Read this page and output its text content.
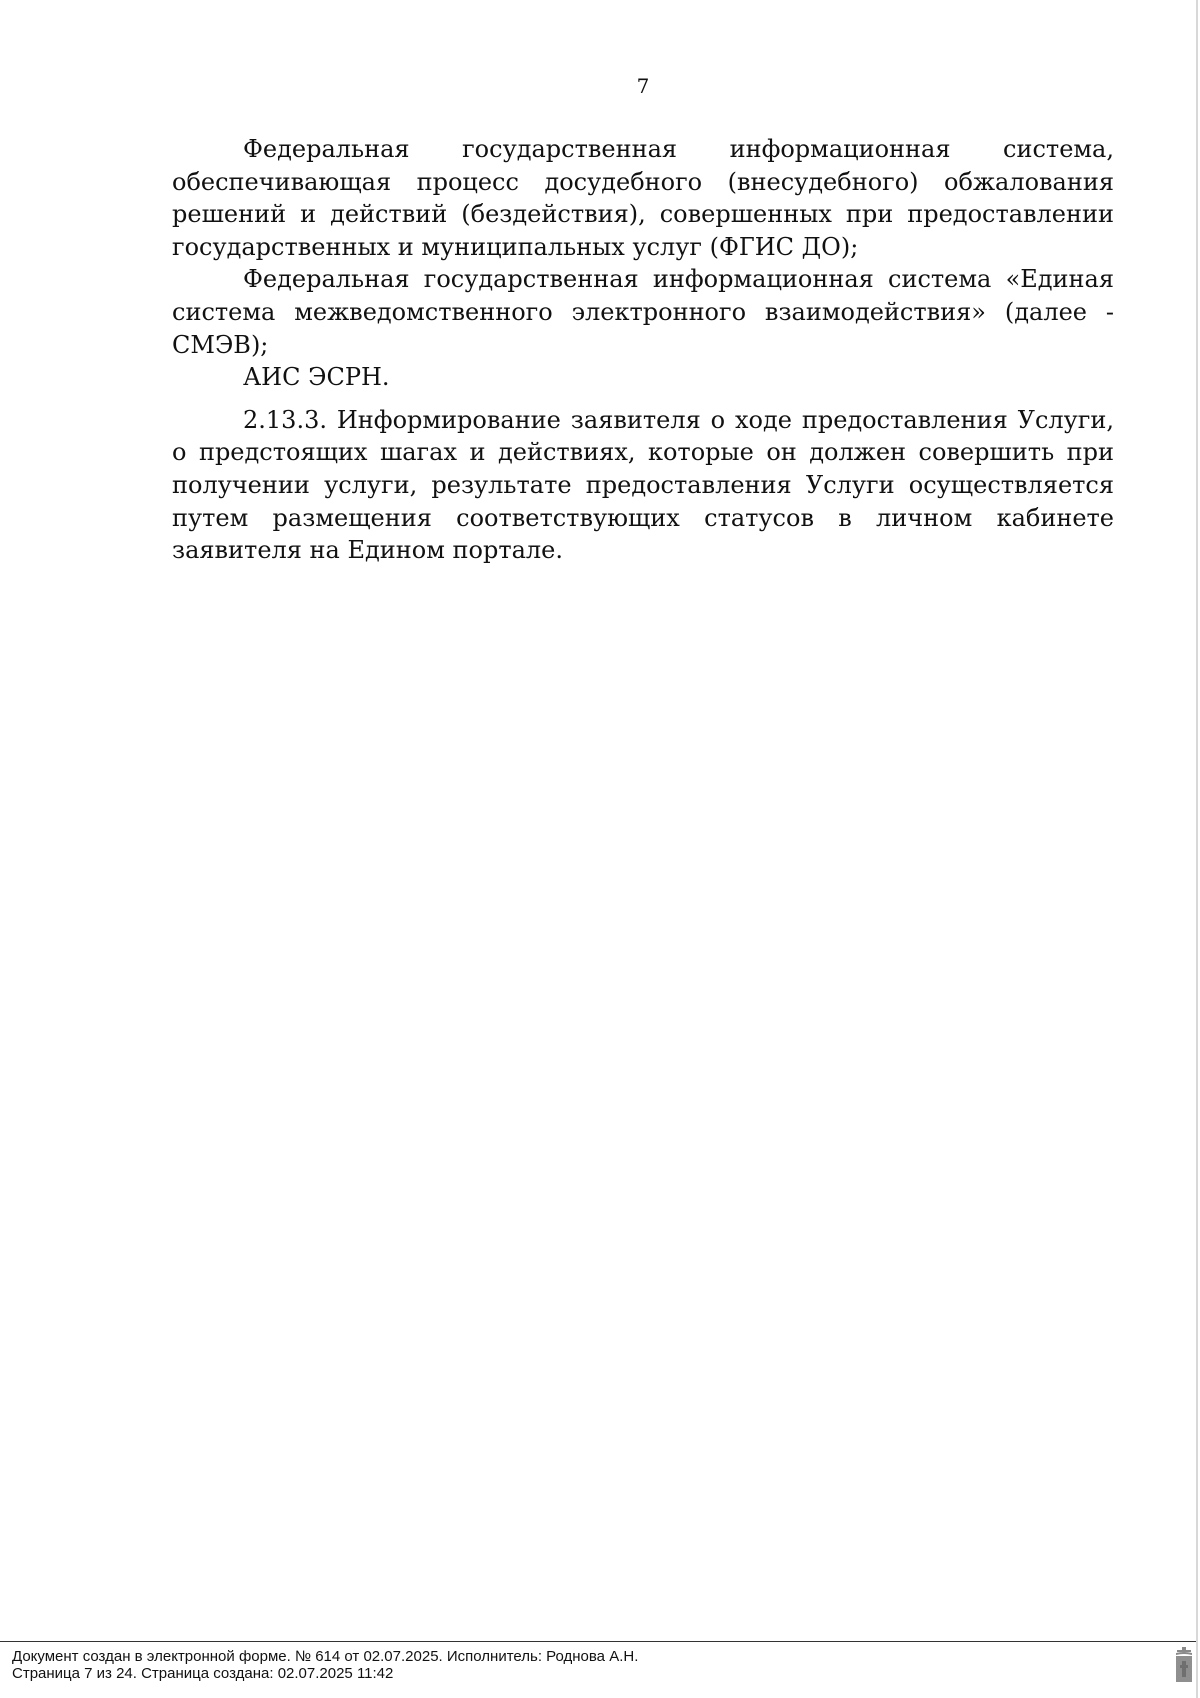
7

Федеральная государственная информационная система, обеспечивающая процесс досудебного (внесудебного) обжалования решений и действий (бездействия), совершенных при предоставлении государственных и муниципальных услуг (ФГИС ДО);

Федеральная государственная информационная система «Единая система межведомственного электронного взаимодействия» (далее - СМЭВ);

АИС ЭСРН.

2.13.3. Информирование заявителя о ходе предоставления Услуги, о предстоящих шагах и действиях, которые он должен совершить при получении услуги, результате предоставления Услуги осуществляется путем размещения соответствующих статусов в личном кабинете заявителя на Едином портале.

Документ создан в электронной форме. № 614 от 02.07.2025. Исполнитель: Роднова А.Н.
Страница 7 из 24. Страница создана: 02.07.2025 11:42
